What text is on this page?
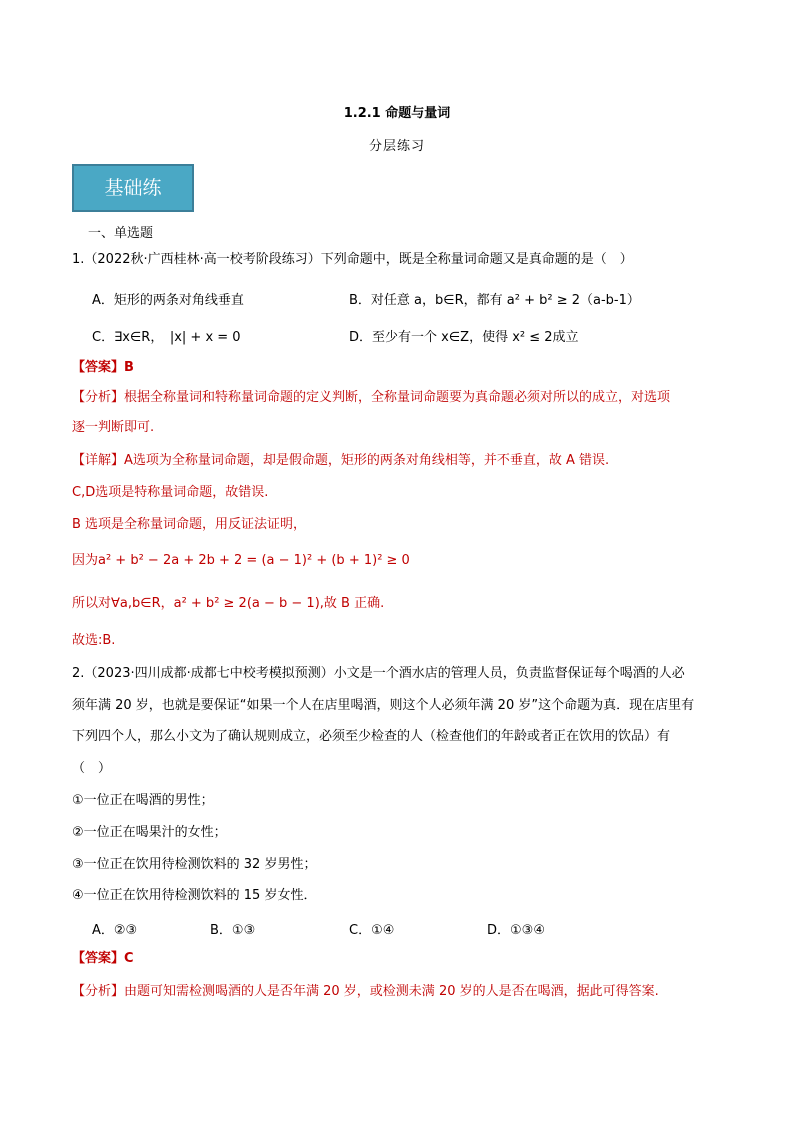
1.2.1 命题与量词
分层练习
基础练
一、单选题
1.（2022秋·广西桂林·高一校考阶段练习）下列命题中，既是全称量词命题又是真命题的是（　）
A．矩形的两条对角线垂直	B．对任意 a，b∈R，都有 a² + b² ≥ 2（a-b-1）
C．∃x∈R，　|x| + x = 0	D．至少有一个 x∈Z，使得 x² ≤ 2成立
【答案】B
【分析】根据全称量词和特称量词命题的定义判断，全称量词命题要为真命题必须对所以的成立，对选项
逐一判断即可.
【详解】A选项为全称量词命题，却是假命题，矩形的两条对角线相等，并不垂直，故 A 错误.
C,D选项是特称量词命题，故错误.
B 选项是全称量词命题，用反证法证明，
因为a² + b² − 2a + 2b + 2 = (a − 1)² + (b + 1)² ≥ 0
所以对∀a,b∈R，a² + b² ≥ 2(a − b − 1),故 B 正确.
故选:B.
2.（2023·四川成都·成都七中校考模拟预测）小文是一个酒水店的管理人员，负责监督保证每个喝酒的人必
须年满 20 岁，也就是要保证“如果一个人在店里喝酒，则这个人必须年满 20 岁”这个命题为真．现在店里有
下列四个人，那么小文为了确认规则成立，必须至少检查的人（检查他们的年龄或者正在饮用的饮品）有
（　）
①一位正在喝酒的男性；
②一位正在喝果汁的女性；
③一位正在饮用待检测饮料的 32 岁男性；
④一位正在饮用待检测饮料的 15 岁女性．
A．②③	B．①③	C．①④	D．①③④
【答案】C
【分析】由题可知需检测喝酒的人是否年满 20 岁，或检测未满 20 岁的人是否在喝酒，据此可得答案.
